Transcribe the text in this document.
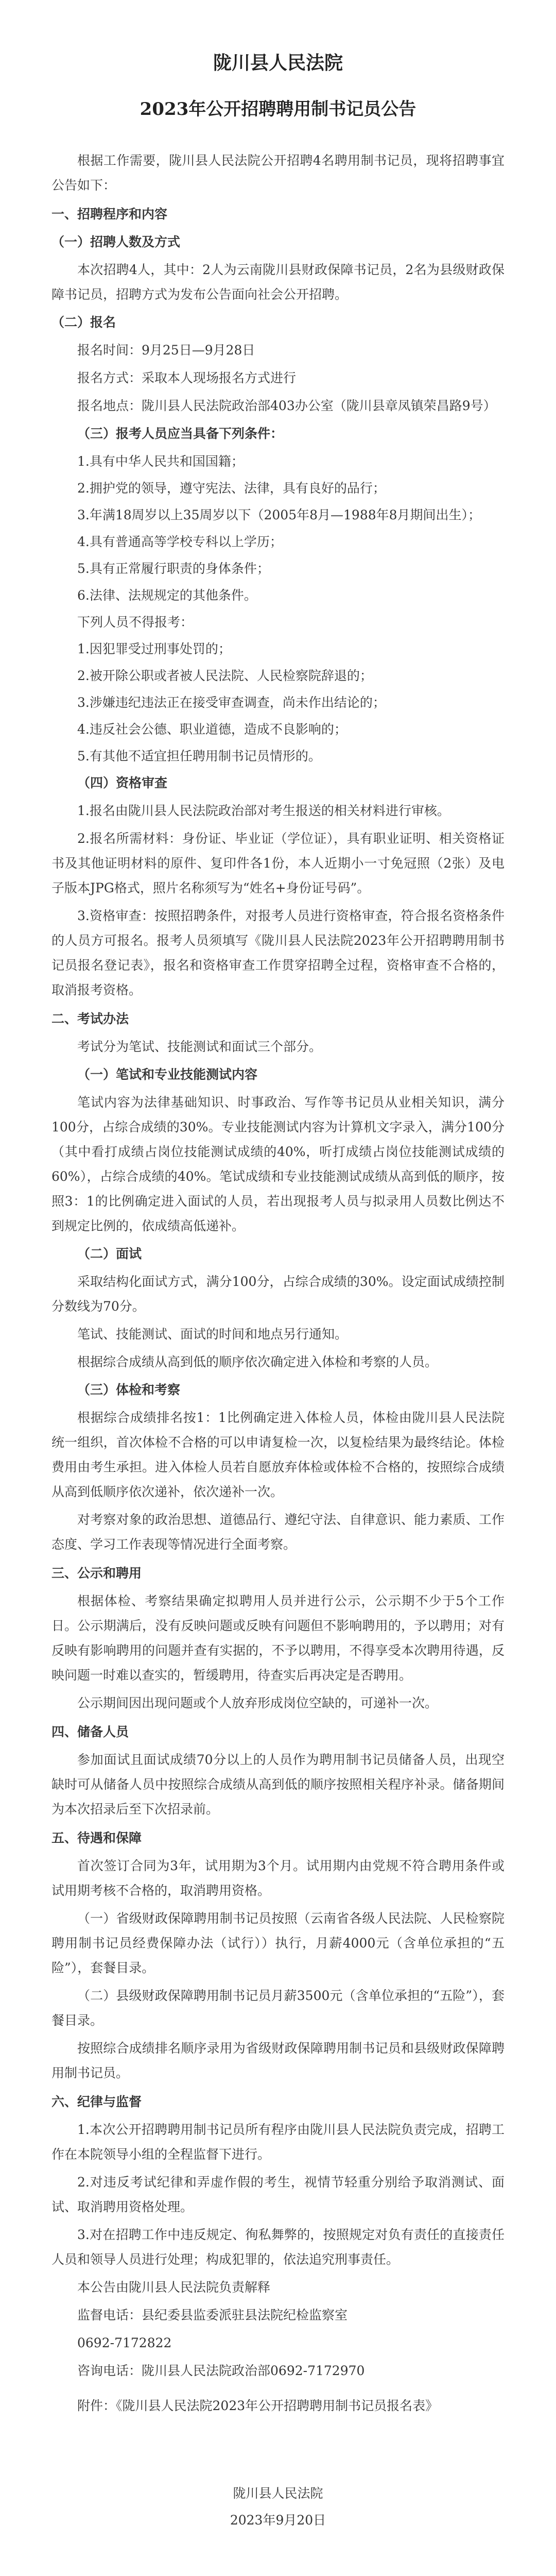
陇川县人民法院
2023年公开招聘聘用制书记员公告

根据工作需要，陇川县人民法院公开招聘4名聘用制书记员，现将招聘事宜公告如下：

一、招聘程序和内容

（一）招聘人数及方式

本次招聘4人，其中：2人为云南陇川县财政保障书记员，2名为县级财政保障书记员，招聘方式为发布公告面向社会公开招聘。

（二）报名

报名时间：9月25日—9月28日

报名方式：采取本人现场报名方式进行

报名地点：陇川县人民法院政治部403办公室（陇川县章凤镇荣昌路9号）

（三）报考人员应当具备下列条件：

1.具有中华人民共和国国籍；

2.拥护党的领导，遵守宪法、法律，具有良好的品行；

3.年满18周岁以上35周岁以下（2005年8月—1988年8月期间出生）；

4.具有普通高等学校专科以上学历；

5.具有正常履行职责的身体条件；

6.法律、法规规定的其他条件。

下列人员不得报考：

1.因犯罪受过刑事处罚的；

2.被开除公职或者被人民法院、人民检察院辞退的；

3.涉嫌违纪违法正在接受审查调查，尚未作出结论的；

4.违反社会公德、职业道德，造成不良影响的；

5.有其他不适宜担任聘用制书记员情形的。

（四）资格审查

1.报名由陇川县人民法院政治部对考生报送的相关材料进行审核。

2.报名所需材料：身份证、毕业证（学位证），具有职业证明、相关资格证书及其他证明材料的原件、复印件各1份，本人近期小一寸免冠照（2张）及电子版本JPG格式，照片名称须写为“姓名+身份证号码”。

3.资格审查：按照招聘条件，对报考人员进行资格审查，符合报名资格条件的人员方可报名。报考人员须填写《陇川县人民法院2023年公开招聘聘用制书记员报名登记表》，报名和资格审查工作贯穿招聘全过程，资格审查不合格的，取消报考资格。

二、考试办法

考试分为笔试、技能测试和面试三个部分。

（一）笔试和专业技能测试内容

笔试内容为法律基础知识、时事政治、写作等书记员从业相关知识，满分100分，占综合成绩的30%。专业技能测试内容为计算机文字录入，满分100分（其中看打成绩占岗位技能测试成绩的40%，听打成绩占岗位技能测试成绩的60%），占综合成绩的40%。笔试成绩和专业技能测试成绩从高到低的顺序，按照3：1的比例确定进入面试的人员，若出现报考人员与拟录用人员数比例达不到规定比例的，依成绩高低递补。

（二）面试

采取结构化面试方式，满分100分，占综合成绩的30%。设定面试成绩控制分数线为70分。

笔试、技能测试、面试的时间和地点另行通知。

根据综合成绩从高到低的顺序依次确定进入体检和考察的人员。

（三）体检和考察

根据综合成绩排名按1：1比例确定进入体检人员，体检由陇川县人民法院统一组织，首次体检不合格的可以申请复检一次，以复检结果为最终结论。体检费用由考生承担。进入体检人员若自愿放弃体检或体检不合格的，按照综合成绩从高到低顺序依次递补，依次递补一次。

对考察对象的政治思想、道德品行、遵纪守法、自律意识、能力素质、工作态度、学习工作表现等情况进行全面考察。

三、公示和聘用

根据体检、考察结果确定拟聘用人员并进行公示，公示期不少于5个工作日。公示期满后，没有反映问题或反映有问题但不影响聘用的，予以聘用；对有反映有影响聘用的问题并查有实据的，不予以聘用，不得享受本次聘用待遇，反映问题一时难以查实的，暂缓聘用，待查实后再决定是否聘用。

公示期间因出现问题或个人放弃形成岗位空缺的，可递补一次。

四、储备人员

参加面试且面试成绩70分以上的人员作为聘用制书记员储备人员，出现空缺时可从储备人员中按照综合成绩从高到低的顺序按照相关程序补录。储备期间为本次招录后至下次招录前。

五、待遇和保障

首次签订合同为3年，试用期为3个月。试用期内由党规不符合聘用条件或试用期考核不合格的，取消聘用资格。

（一）省级财政保障聘用制书记员按照（云南省各级人民法院、人民检察院聘用制书记员经费保障办法（试行））执行，月薪4000元（含单位承担的“五险”），套餐目录。

（二）县级财政保障聘用制书记员月薪3500元（含单位承担的“五险”），套餐目录。

按照综合成绩排名顺序录用为省级财政保障聘用制书记员和县级财政保障聘用制书记员。

六、纪律与监督

1.本次公开招聘聘用制书记员所有程序由陇川县人民法院负责完成，招聘工作在本院领导小组的全程监督下进行。

2.对违反考试纪律和弄虚作假的考生，视情节轻重分别给予取消测试、面试、取消聘用资格处理。

3.对在招聘工作中违反规定、徇私舞弊的，按照规定对负有责任的直接责任人员和领导人员进行处理；构成犯罪的，依法追究刑事责任。

本公告由陇川县人民法院负责解释

监督电话：县纪委县监委派驻县法院纪检监察室

0692-7172822

咨询电话：陇川县人民法院政治部0692-7172970

附件：《陇川县人民法院2023年公开招聘聘用制书记员报名表》

陇川县人民法院
2023年9月20日
